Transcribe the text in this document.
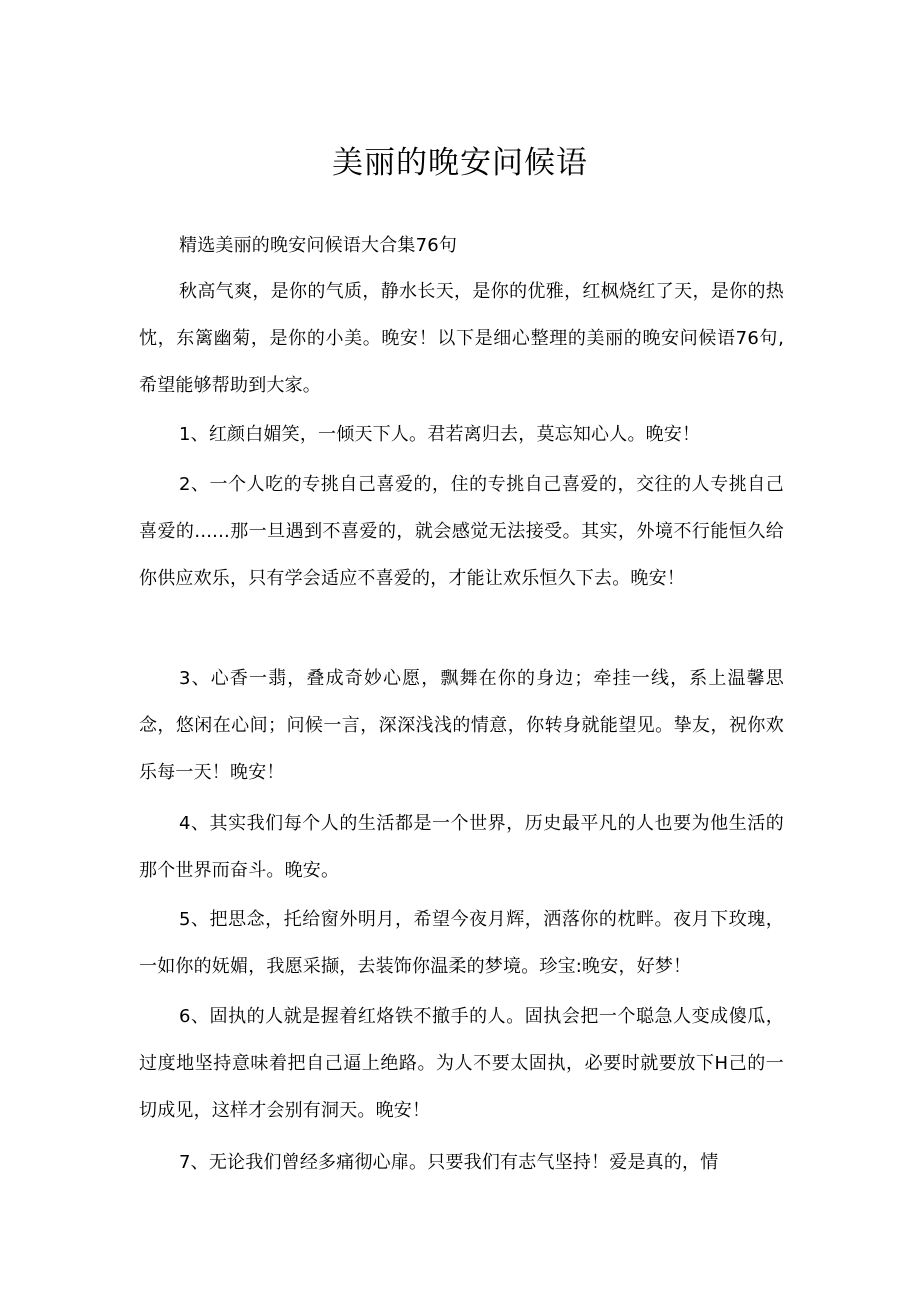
美丽的晚安问候语

精选美丽的晚安问候语大合集76句

秋高气爽，是你的气质，静水长天，是你的优雅，红枫烧红了天，是你的热忱，东篱幽菊，是你的小美。晚安！以下是细心整理的美丽的晚安问候语76句, 希望能够帮助到大家。

1、红颜白媚笑，一倾天下人。君若离归去，莫忘知心人。晚安！

2、一个人吃的专挑自己喜爱的，住的专挑自己喜爱的，交往的人专挑自己喜爱的......那一旦遇到不喜爱的，就会感觉无法接受。其实，外境不行能恒久给你供应欢乐，只有学会适应不喜爱的，才能让欢乐恒久下去。晚安！

3、心香一翡，叠成奇妙心愿，飘舞在你的身边；牵挂一线，系上温馨思念，悠闲在心间；问候一言，深深浅浅的情意，你转身就能望见。挚友，祝你欢乐每一天！晚安！

4、其实我们每个人的生活都是一个世界，历史最平凡的人也要为他生活的那个世界而奋斗。晚安。

5、把思念，托给窗外明月，希望今夜月辉，洒落你的枕畔。夜月下玫瑰，一如你的妩媚，我愿采撷，去装饰你温柔的梦境。珍宝:晚安，好梦！

6、固执的人就是握着红烙铁不撤手的人。固执会把一个聪急人变成傻瓜，过度地坚持意味着把自己逼上绝路。为人不要太固执，必要时就要放下H己的一切成见，这样才会别有洞天。晚安！

7、无论我们曾经多痛彻心扉。只要我们有志气坚持！爱是真的，情
